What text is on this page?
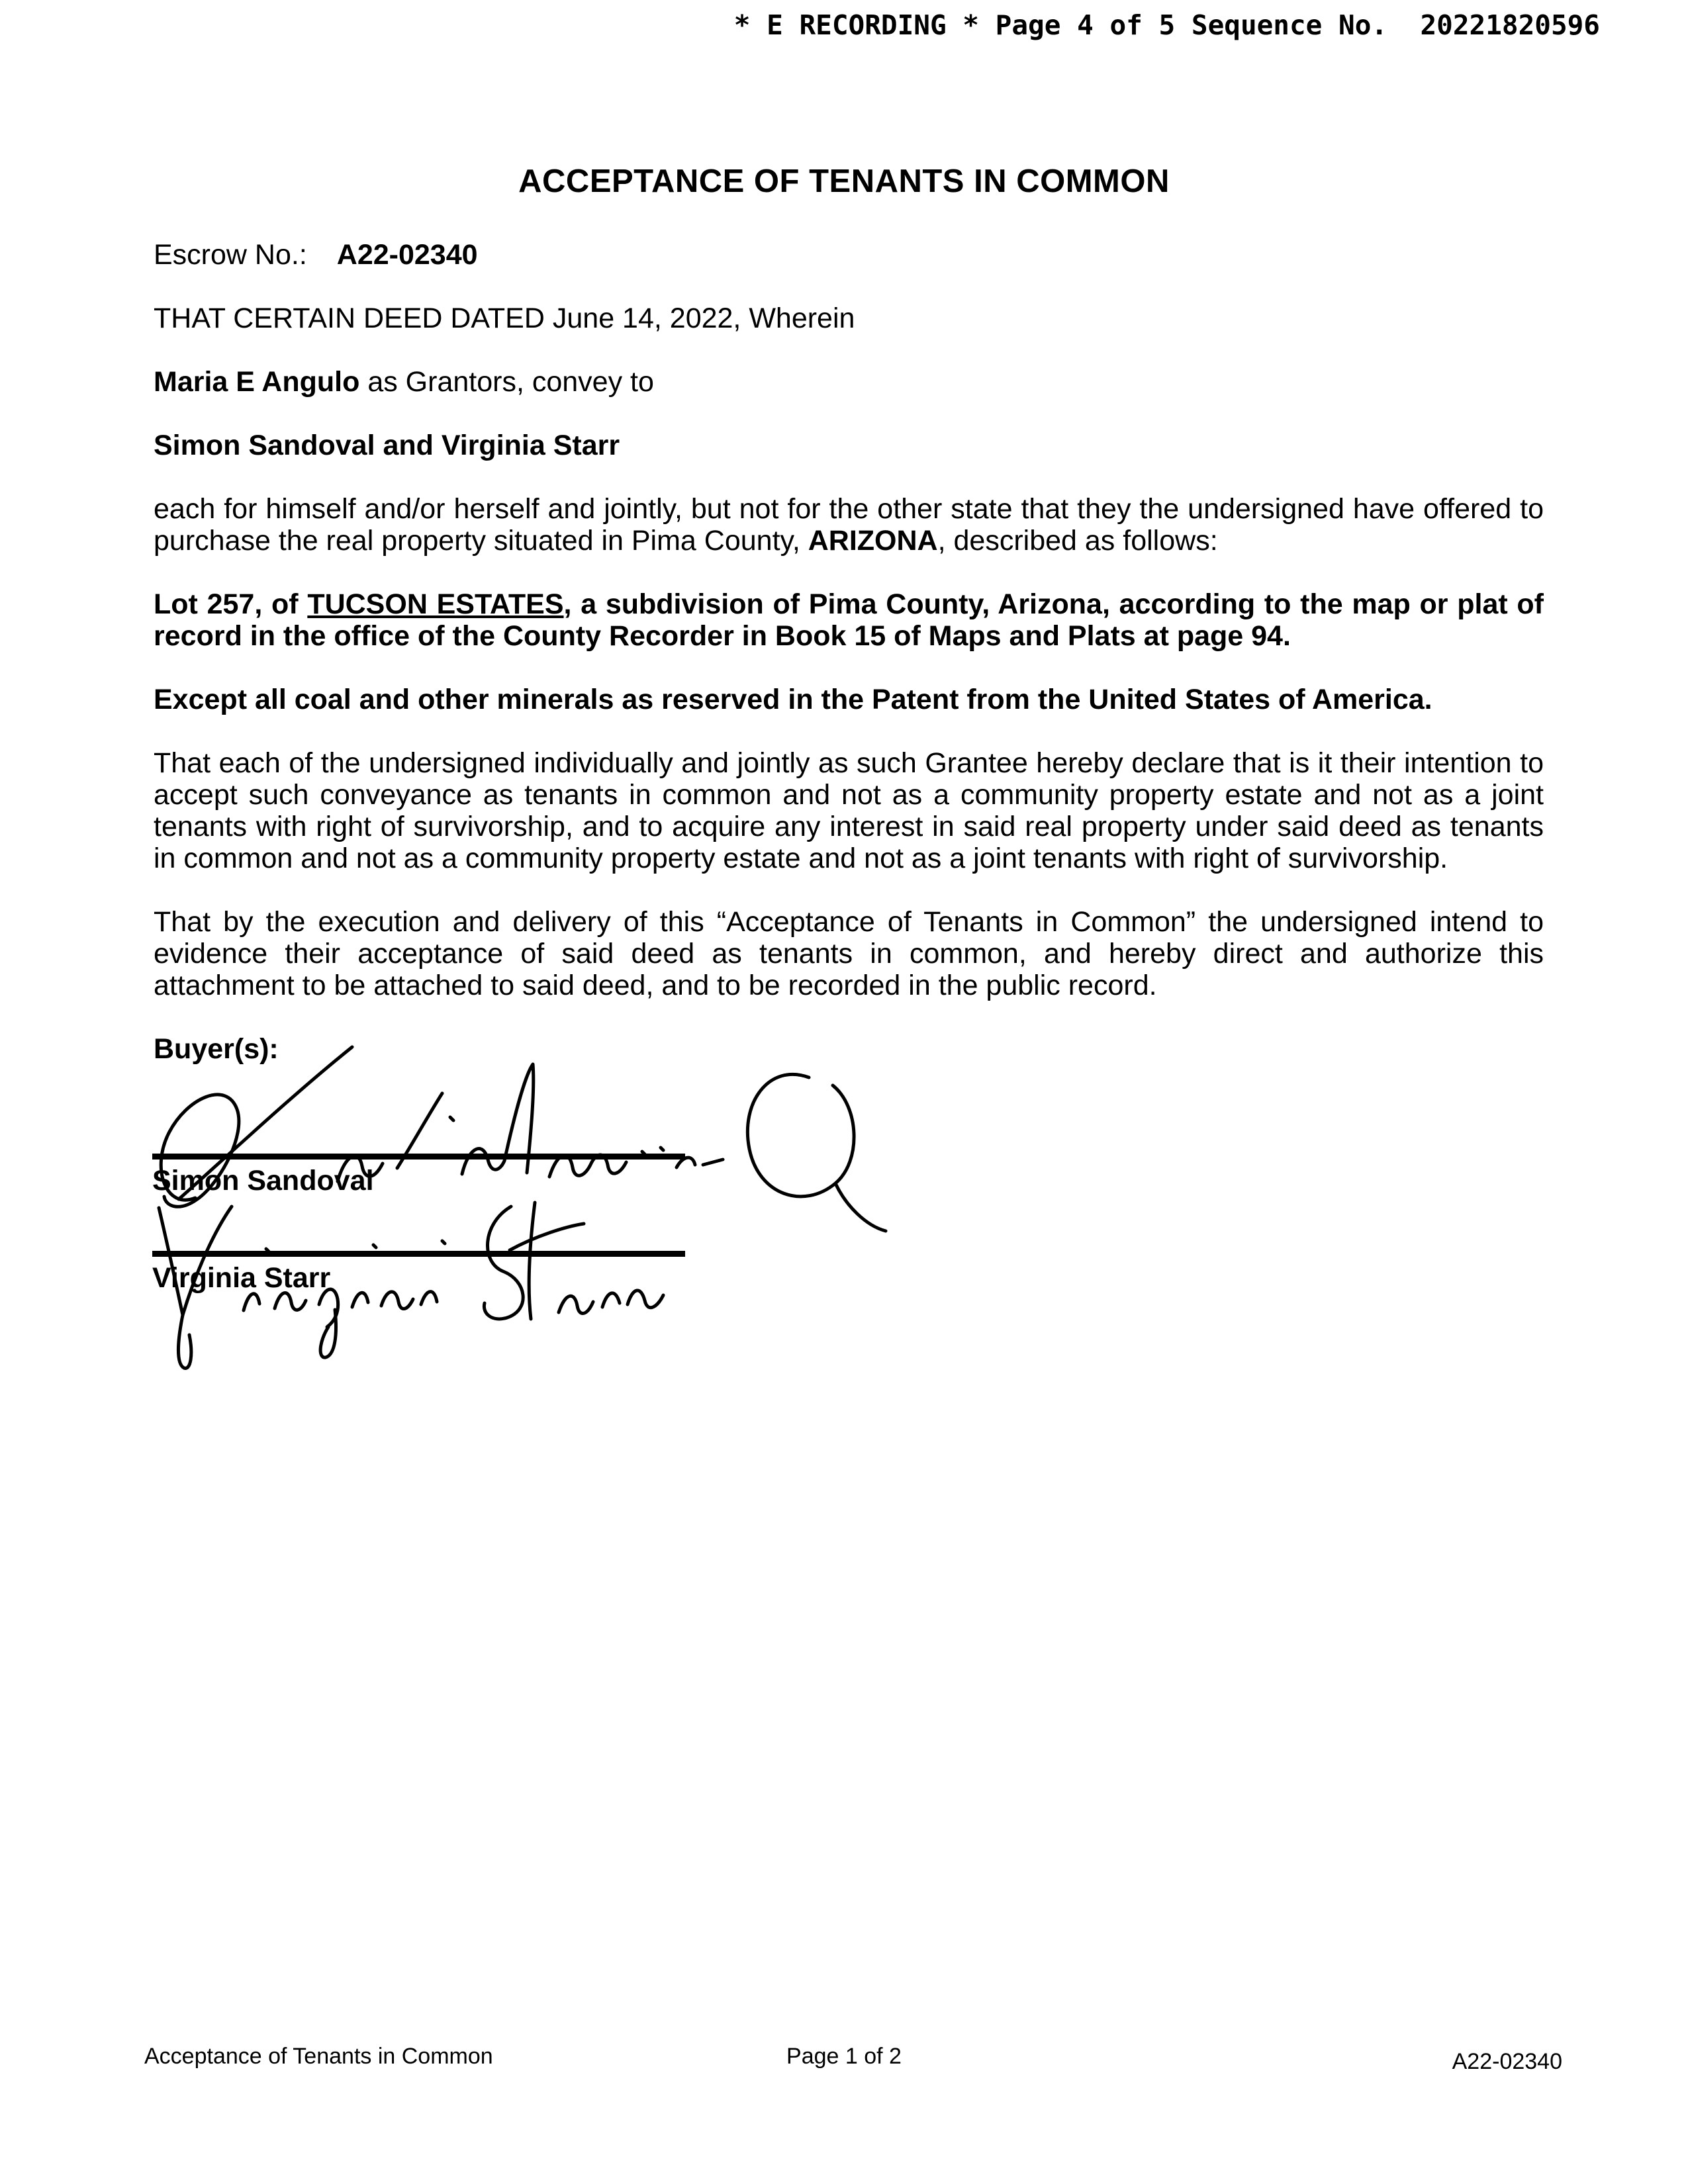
* E RECORDING * Page 4 of 5 Sequence No.  20221820596
ACCEPTANCE OF TENANTS IN COMMON
Escrow No.: A22-02340
THAT CERTAIN DEED DATED June 14, 2022, Wherein
Maria E Angulo as Grantors, convey to
Simon Sandoval and Virginia Starr
each for himself and/or herself and jointly, but not for the other state that they the undersigned have offered to purchase the real property situated in Pima County, ARIZONA, described as follows:
Lot 257, of TUCSON ESTATES, a subdivision of Pima County, Arizona, according to the map or plat of record in the office of the County Recorder in Book 15 of Maps and Plats at page 94.
Except all coal and other minerals as reserved in the Patent from the United States of America.
That each of the undersigned individually and jointly as such Grantee hereby declare that is it their intention to accept such conveyance as tenants in common and not as a community property estate and not as a joint tenants with right of survivorship, and to acquire any interest in said real property under said deed as tenants in common and not as a community property estate and not as a joint tenants with right of survivorship.
That by the execution and delivery of this “Acceptance of Tenants in Common” the undersigned intend to evidence their acceptance of said deed as tenants in common, and hereby direct and authorize this attachment to be attached to said deed, and to be recorded in the public record.
Buyer(s):
Simon Sandoval
Virginia Starr
Acceptance of Tenants in Common	Page 1 of 2	A22-02340
